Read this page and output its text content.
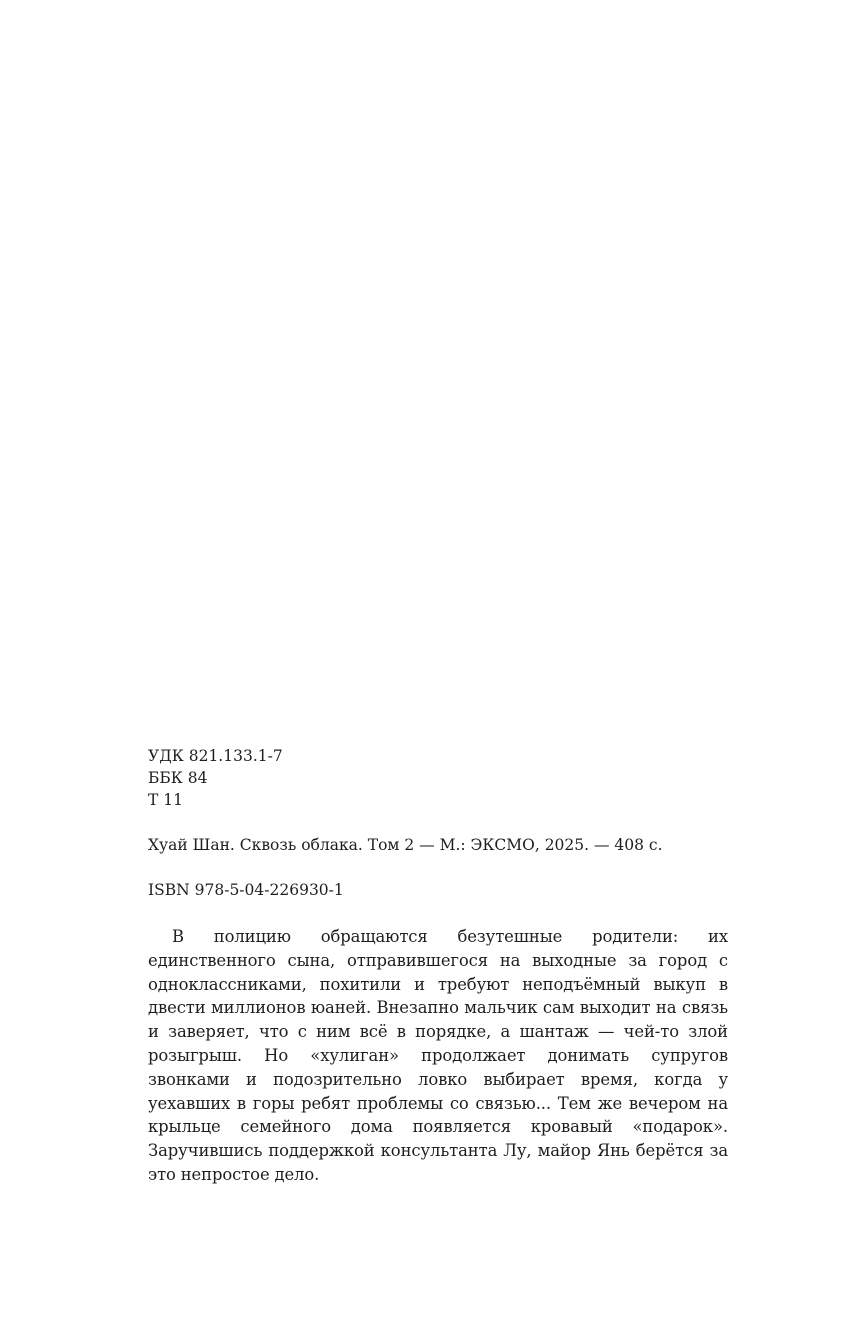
УДК 821.133.1-7
ББК 84
Т 11
Хуай Шан. Сквозь облака. Том 2 — М.: ЭКСМО, 2025. — 408 с.
ISBN 978-5-04-226930-1

В полицию обращаются безутешные родители: их единственного сына, отправившегося на выходные за город с одноклассниками, похитили и требуют неподъёмный выкуп в двести миллионов юаней. Внезапно мальчик сам выходит на связь и заверяет, что с ним всё в порядке, а шантаж — чей-то злой розыгрыш. Но «хулиган» продолжает донимать супругов звонками и подозрительно ловко выбирает время, когда у уехавших в горы ребят проблемы со связью... Тем же вечером на крыльце семейного дома появляется кровавый «подарок». Заручившись поддержкой консультанта Лу, майор Янь берётся за это непростое дело.
